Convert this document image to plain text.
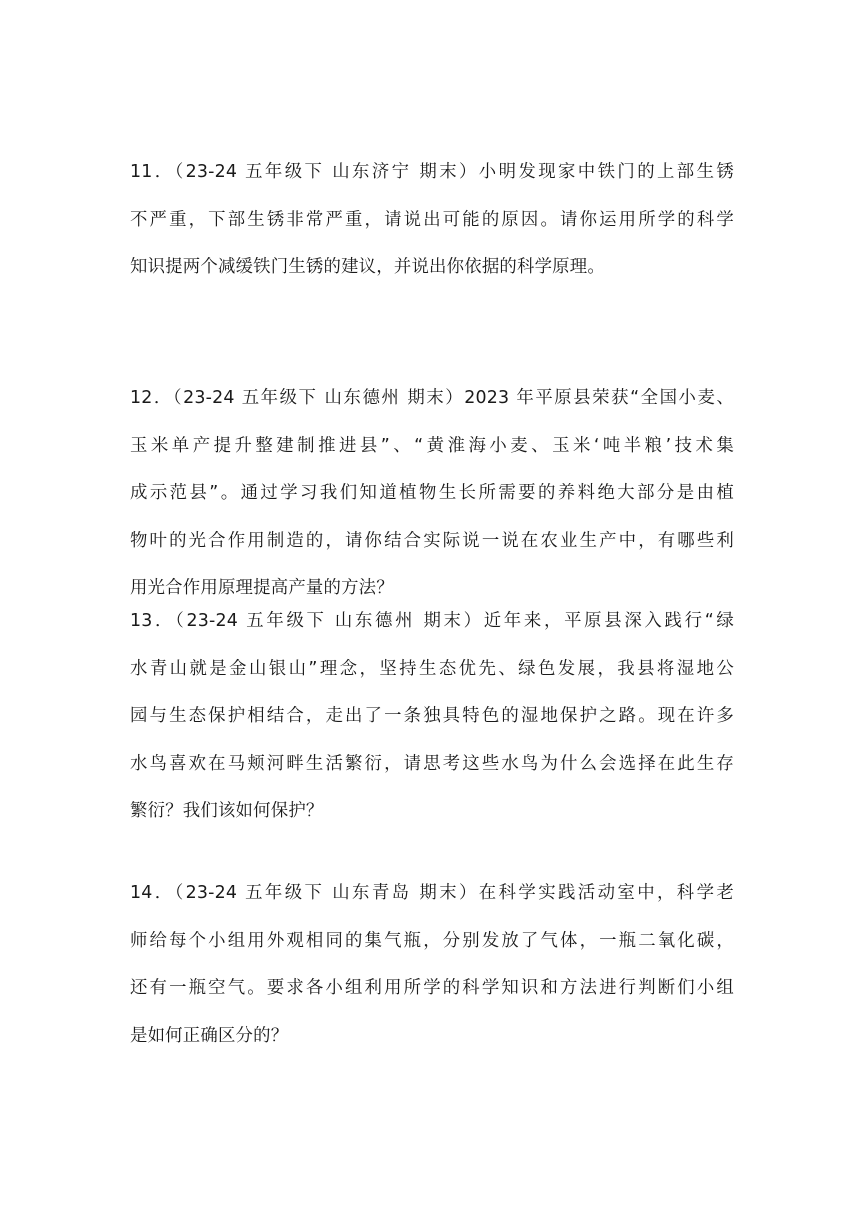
11．（23-24 五年级下 山东济宁 期末）小明发现家中铁门的上部生锈
不严重，下部生锈非常严重，请说出可能的原因。请你运用所学的科学
知识提两个减缓铁门生锈的建议，并说出你依据的科学原理。
12．（23-24 五年级下 山东德州 期末）2023 年平原县荣获“全国小麦、
玉米单产提升整建制推进县”、“黄淮海小麦、玉米‘吨半粮’技术集
成示范县”。通过学习我们知道植物生长所需要的养料绝大部分是由植
物叶的光合作用制造的，请你结合实际说一说在农业生产中，有哪些利
用光合作用原理提高产量的方法？
13．（23-24 五年级下 山东德州 期末）近年来，平原县深入践行“绿
水青山就是金山银山”理念，坚持生态优先、绿色发展，我县将湿地公
园与生态保护相结合，走出了一条独具特色的湿地保护之路。现在许多
水鸟喜欢在马颊河畔生活繁衍，请思考这些水鸟为什么会选择在此生存
繁衍？我们该如何保护？
14．（23-24 五年级下 山东青岛 期末）在科学实践活动室中，科学老
师给每个小组用外观相同的集气瓶，分别发放了气体，一瓶二氧化碳，
还有一瓶空气。要求各小组利用所学的科学知识和方法进行判断们小组
是如何正确区分的？
